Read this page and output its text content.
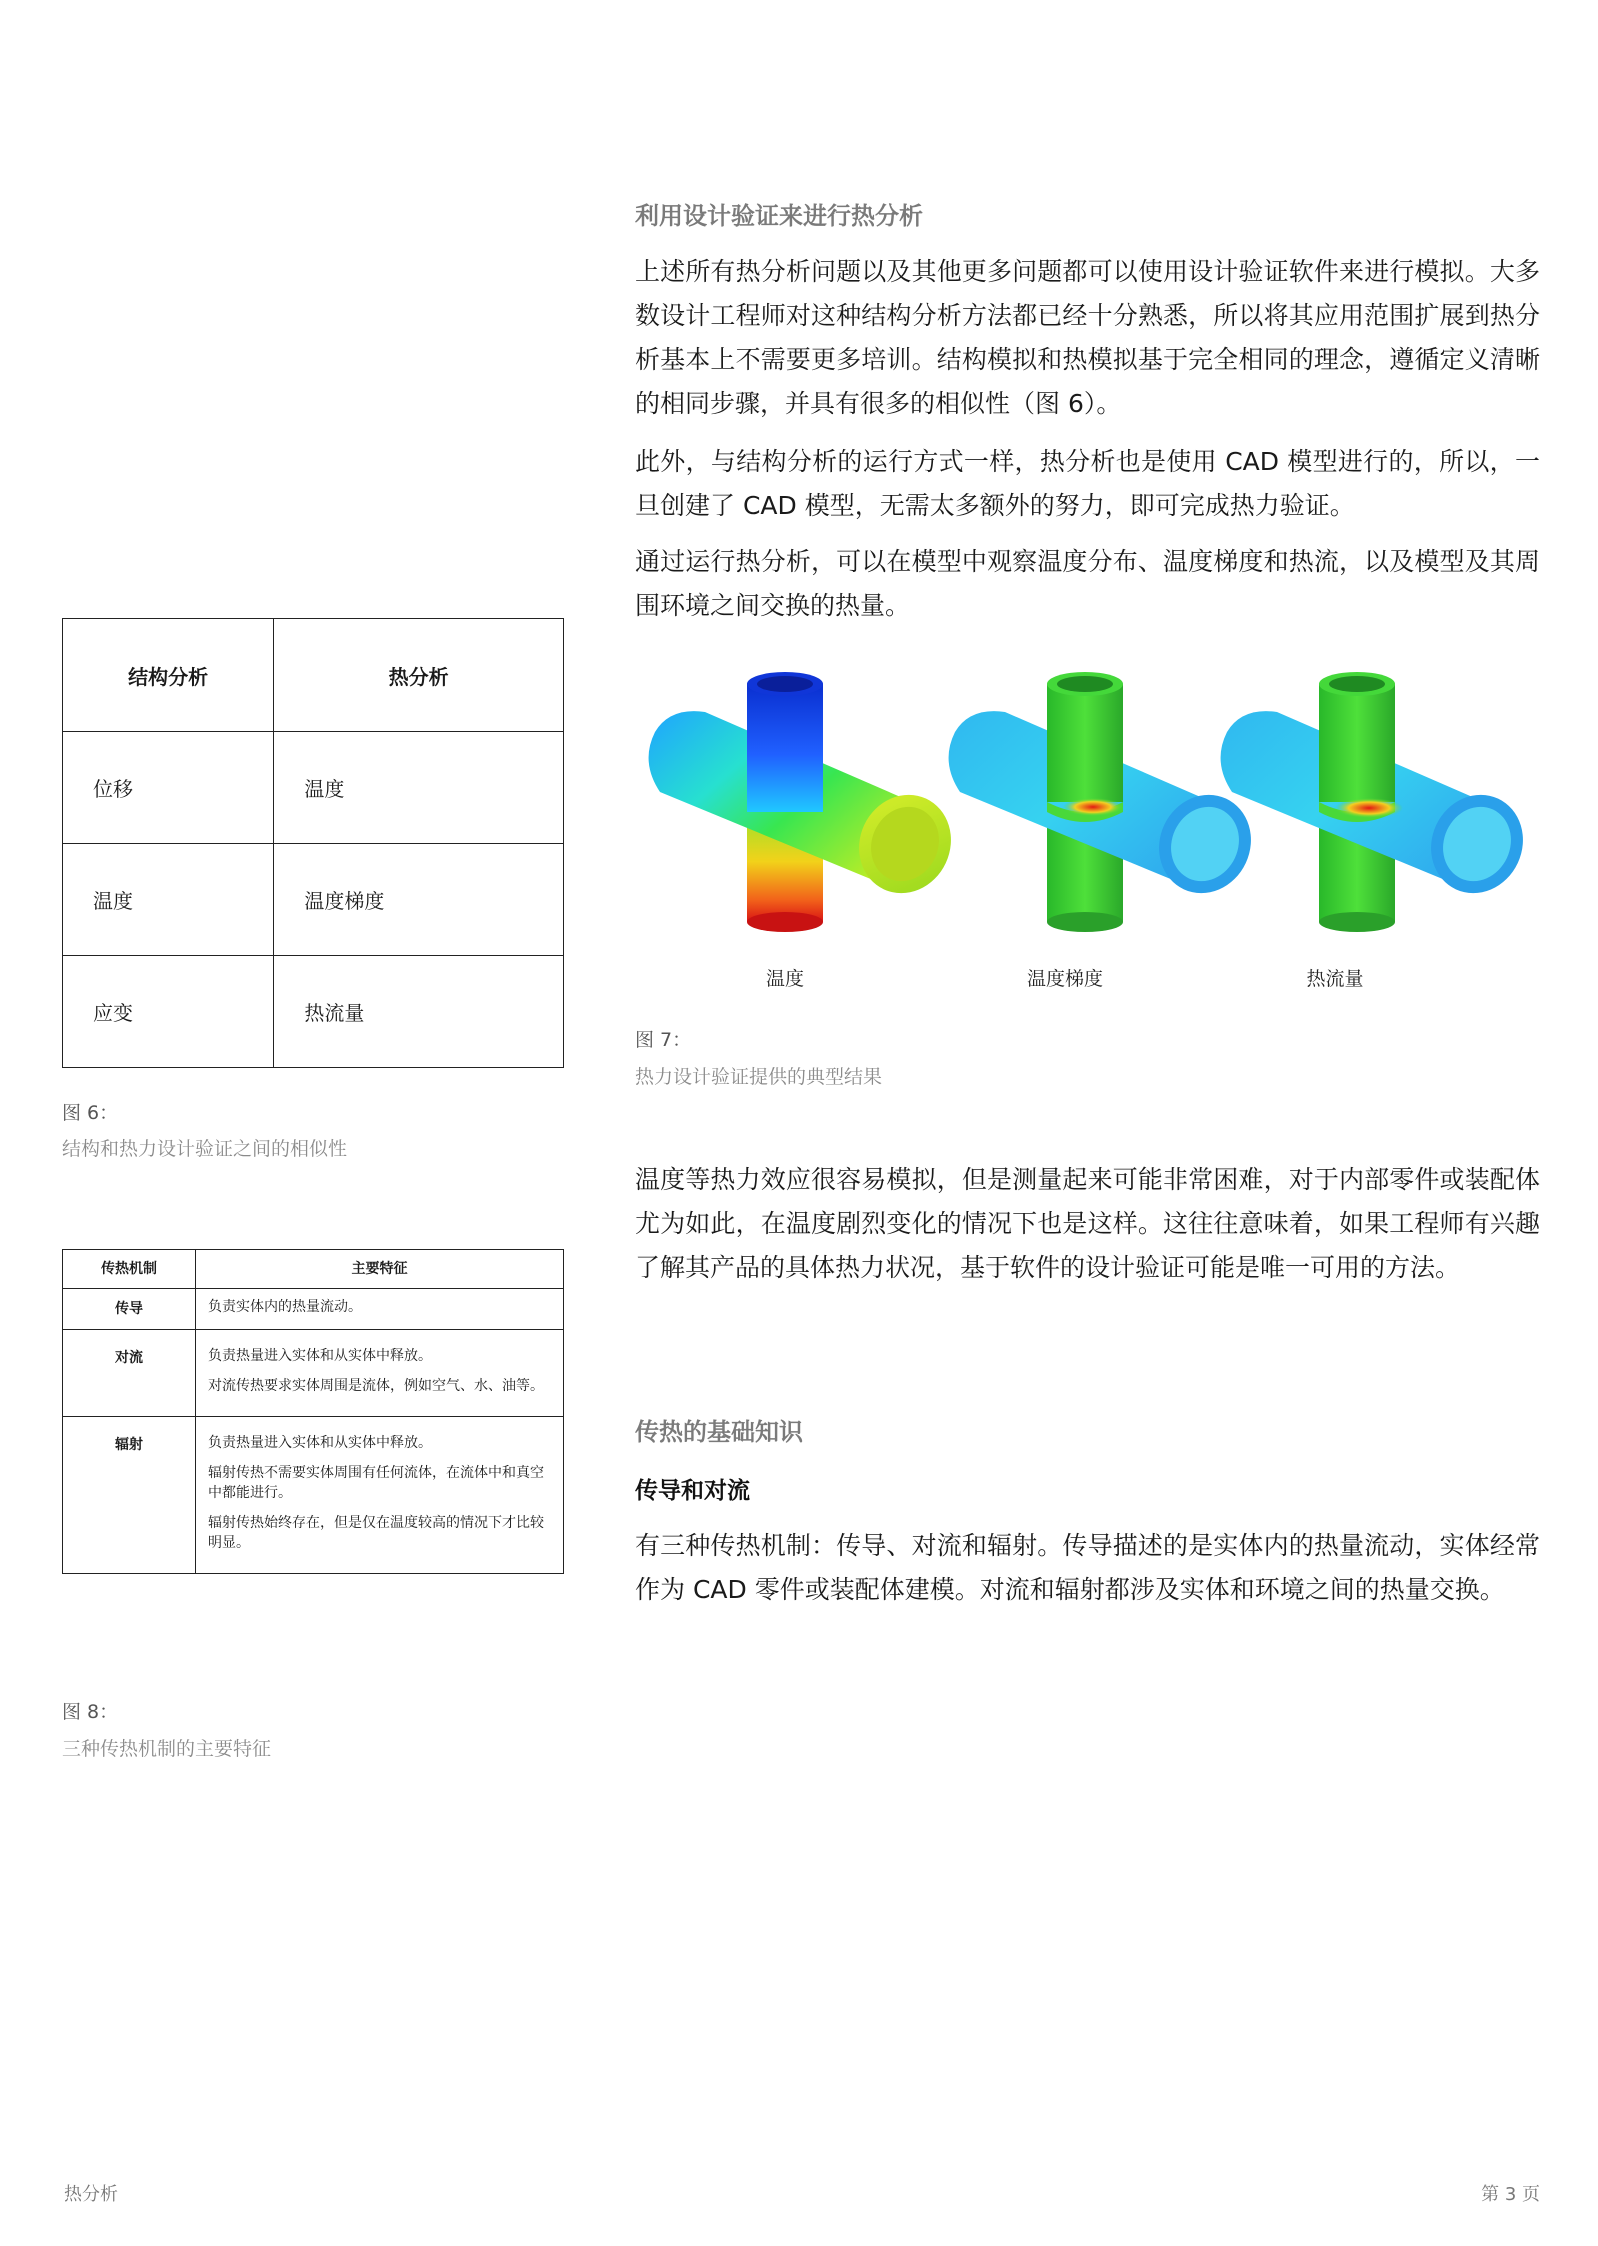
利用设计验证来进行热分析

上述所有热分析问题以及其他更多问题都可以使用设计验证软件来进行模拟。大多数设计工程师对这种结构分析方法都已经十分熟悉，所以将其应用范围扩展到热分析基本上不需要更多培训。结构模拟和热模拟基于完全相同的理念，遵循定义清晰的相同步骤，并具有很多的相似性（图 6）。

此外，与结构分析的运行方式一样，热分析也是使用 CAD 模型进行的，所以，一旦创建了 CAD 模型，无需太多额外的努力，即可完成热力验证。

通过运行热分析，可以在模型中观察温度分布、温度梯度和热流，以及模型及其周围环境之间交换的热量。

温度	温度梯度	热流量
图 7：
热力设计验证提供的典型结果

温度等热力效应很容易模拟，但是测量起来可能非常困难，对于内部零件或装配体尤为如此，在温度剧烈变化的情况下也是这样。这往往意味着，如果工程师有兴趣了解其产品的具体热力状况，基于软件的设计验证可能是唯一可用的方法。

传热的基础知识
传导和对流

有三种传热机制：传导、对流和辐射。传导描述的是实体内的热量流动，实体经常作为 CAD 零件或装配体建模。对流和辐射都涉及实体和环境之间的热量交换。

结构分析	热分析
位移	温度
温度	温度梯度
应变	热流量
图 6：
结构和热力设计验证之间的相似性
传热机制	主要特征
传导	负责实体内的热量流动。

对流	负责热量进入实体和从实体中释放。

对流传热要求实体周围是流体，例如空气、水、油等。

辐射	负责热量进入实体和从实体中释放。

辐射传热不需要实体周围有任何流体，在流体中和真空中都能进行。

辐射传热始终存在，但是仅在温度较高的情况下才比较明显。

图 8：
三种传热机制的主要特征
热分析	第 3 页
